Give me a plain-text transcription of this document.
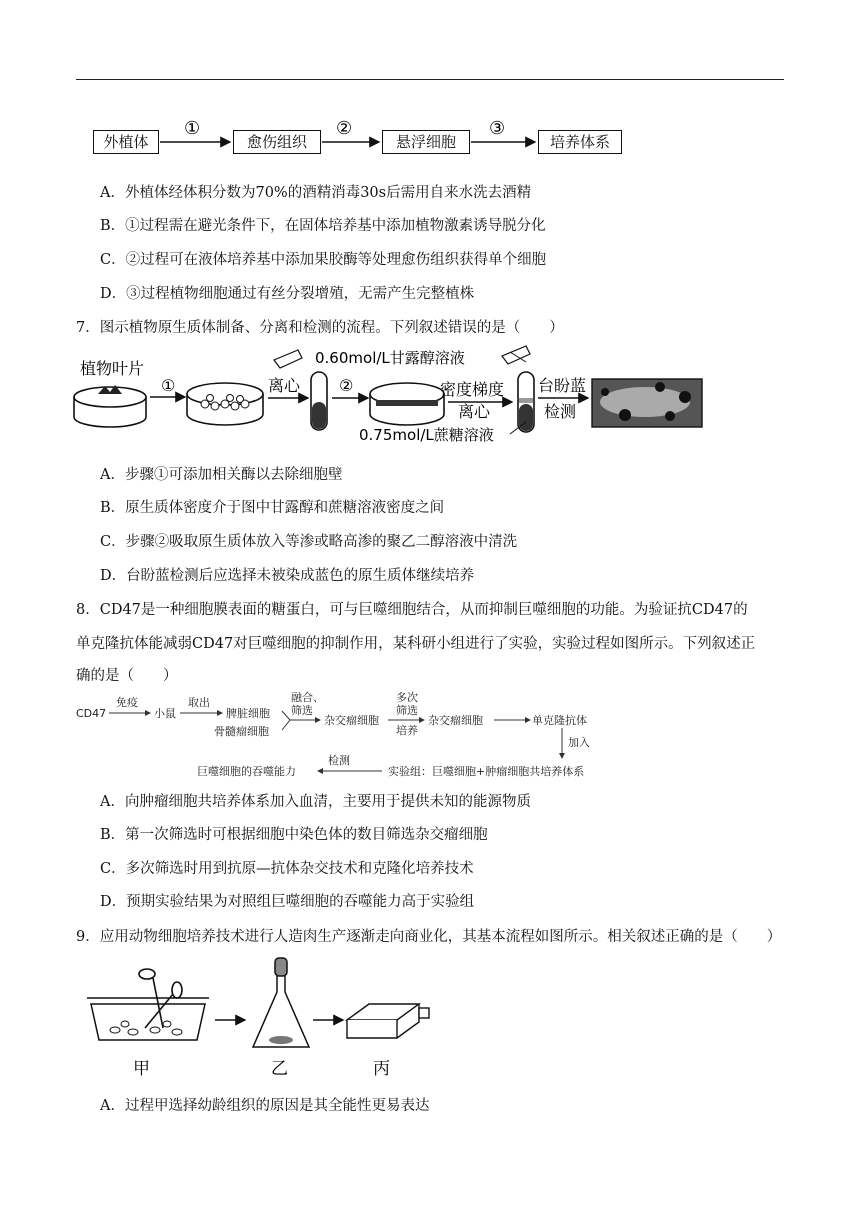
外植体	愈伤组织	悬浮细胞	培养体系
①	②	③
A．外植体经体积分数为70%的酒精消毒30s后需用自来水洗去酒精
B．①过程需在避光条件下，在固体培养基中添加植物激素诱导脱分化
C．②过程可在液体培养基中添加果胶酶等处理愈伤组织获得单个细胞
D．③过程植物细胞通过有丝分裂增殖，无需产生完整植株
7．图示植物原生质体制备、分离和检测的流程。下列叙述错误的是（　　）
植物叶片
①	离心 ②
0.60mol/L甘露醇溶液
密度梯度
离心
0.75mol/L蔗糖溶液
台盼蓝
检测
A．步骤①可添加相关酶以去除细胞壁
B．原生质体密度介于图中甘露醇和蔗糖溶液密度之间
C．步骤②吸取原生质体放入等渗或略高渗的聚乙二醇溶液中清洗
D．台盼蓝检测后应选择未被染成蓝色的原生质体继续培养
8．CD47是一种细胞膜表面的糖蛋白，可与巨噬细胞结合，从而抑制巨噬细胞的功能。为验证抗CD47的
单克隆抗体能减弱CD47对巨噬细胞的抑制作用，某科研小组进行了实验，实验过程如图所示。下列叙述正
确的是（　　）
CD47
免疫
小鼠
取出
脾脏细胞
骨髓瘤细胞
融合、
筛选
杂交瘤细胞
多次
筛选
培养
杂交瘤细胞	单克隆抗体
加入
实验组：巨噬细胞+肿瘤细胞共培养体系
检测
巨噬细胞的吞噬能力
A．向肿瘤细胞共培养体系加入血清，主要用于提供未知的能源物质
B．第一次筛选时可根据细胞中染色体的数目筛选杂交瘤细胞
C．多次筛选时用到抗原—抗体杂交技术和克隆化培养技术
D．预期实验结果为对照组巨噬细胞的吞噬能力高于实验组
9．应用动物细胞培养技术进行人造肉生产逐渐走向商业化，其基本流程如图所示。相关叙述正确的是（　　）
甲	乙	丙
A．过程甲选择幼龄组织的原因是其全能性更易表达
